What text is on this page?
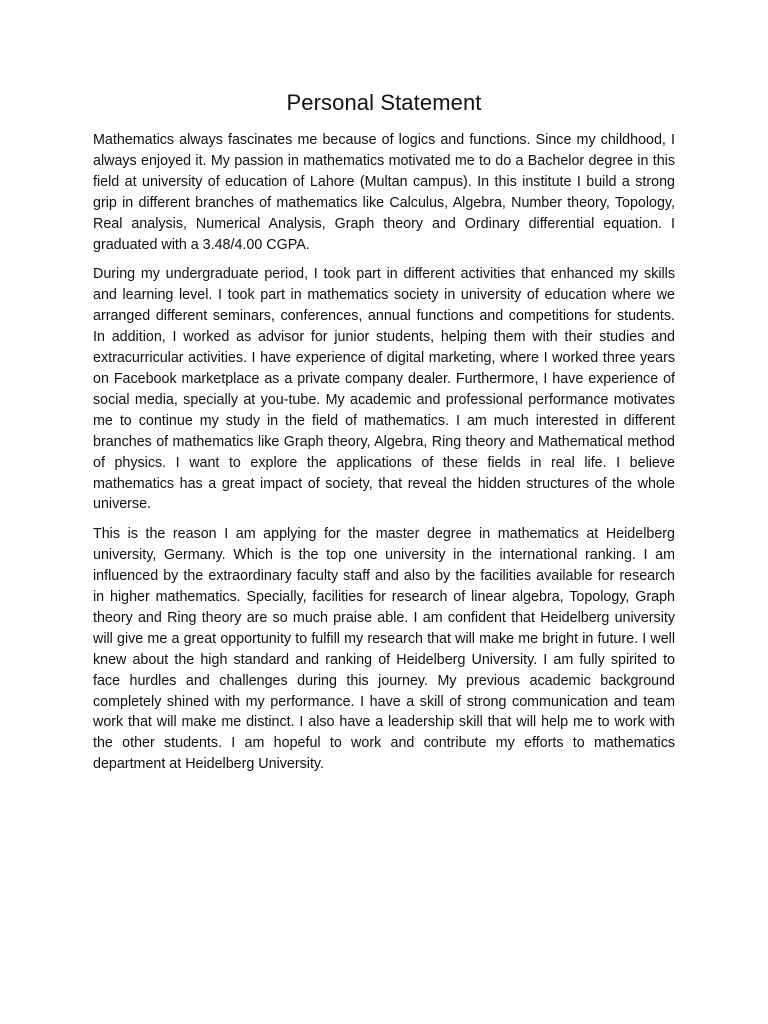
Personal Statement

Mathematics always fascinates me because of logics and functions. Since my childhood, I always enjoyed it. My passion in mathematics motivated me to do a Bachelor degree in this field at university of education of Lahore (Multan campus). In this institute I build a strong grip in different branches of mathematics like Calculus, Algebra, Number theory, Topology, Real analysis, Numerical Analysis, Graph theory and Ordinary differential equation. I graduated with a 3.48/4.00 CGPA.

During my undergraduate period, I took part in different activities that enhanced my skills and learning level. I took part in mathematics society in university of education where we arranged different seminars, conferences, annual functions and competitions for students. In addition, I worked as advisor for junior students, helping them with their studies and extracurricular activities. I have experience of digital marketing, where I worked three years on Facebook marketplace as a private company dealer. Furthermore, I have experience of social media, specially at you-tube. My academic and professional performance motivates me to continue my study in the field of mathematics. I am much interested in different branches of mathematics like Graph theory, Algebra, Ring theory and Mathematical method of physics. I want to explore the applications of these fields in real life. I believe mathematics has a great impact of society, that reveal the hidden structures of the whole universe.

This is the reason I am applying for the master degree in mathematics at Heidelberg university, Germany. Which is the top one university in the international ranking. I am influenced by the extraordinary faculty staff and also by the facilities available for research in higher mathematics. Specially, facilities for research of linear algebra, Topology, Graph theory and Ring theory are so much praise able. I am confident that Heidelberg university will give me a great opportunity to fulfill my research that will make me bright in future. I well knew about the high standard and ranking of Heidelberg University. I am fully spirited to face hurdles and challenges during this journey. My previous academic background completely shined with my performance. I have a skill of strong communication and team work that will make me distinct. I also have a leadership skill that will help me to work with the other students. I am hopeful to work and contribute my efforts to mathematics department at Heidelberg University.
